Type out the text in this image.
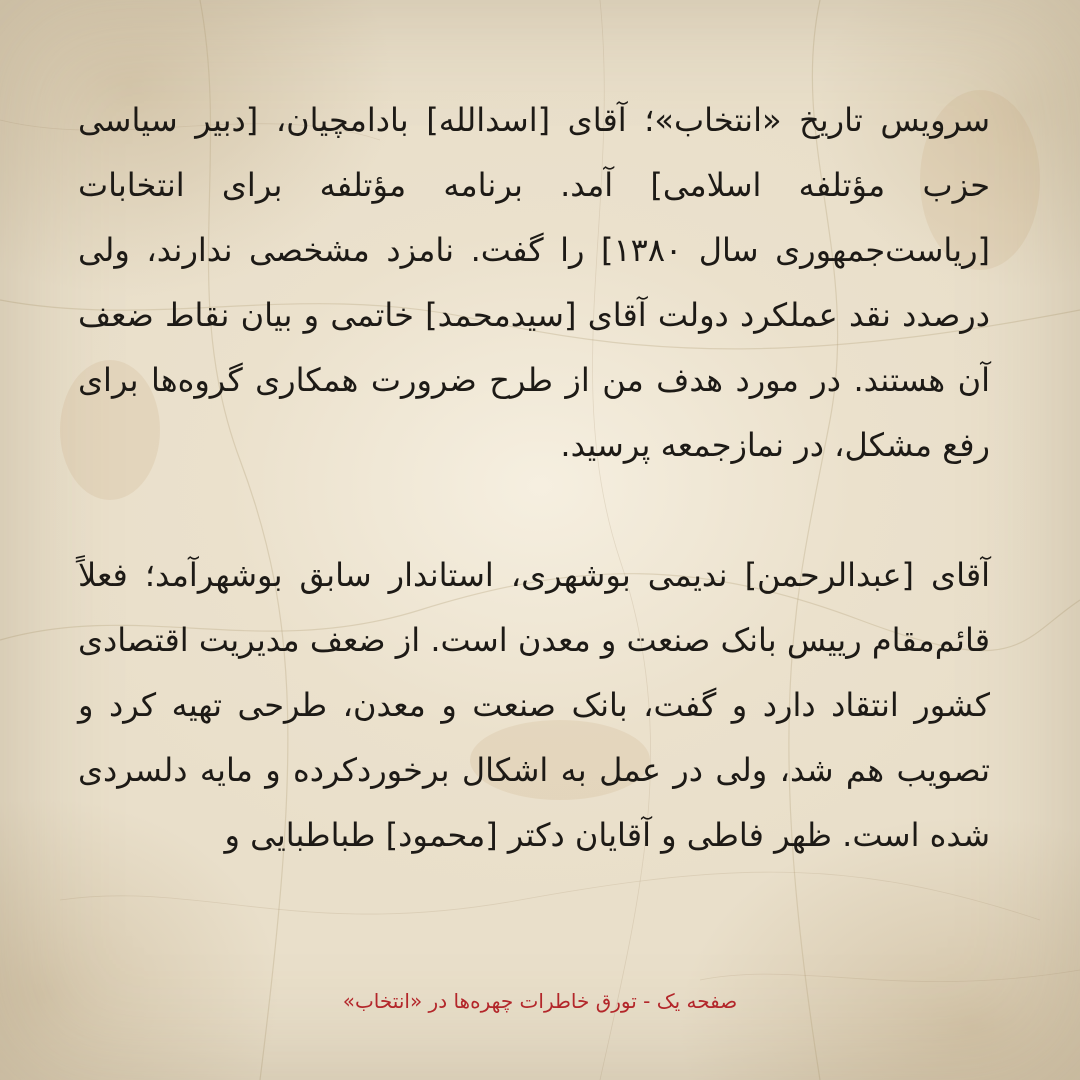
سرویس تاریخ «انتخاب»؛ آقای [اسدالله] بادامچیان، [دبیر سیاسی حزب مؤتلفه اسلامی] آمد. برنامه مؤتلفه برای انتخابات [ریاست‌جمهوری سال ۱۳۸۰] را گفت. نامزد مشخصی ندارند، ولی درصدد نقد عملکرد دولت آقای [سیدمحمد] خاتمی و بیان نقاط ضعف آن هستند. در مورد هدف من از طرح ضرورت همکاری گروه‌ها برای رفع مشکل، در نمازجمعه پرسید.

آقای [عبدالرحمن] ندیمی بوشهری، استاندار سابق بوشهرآمد؛ فعلاً قائم‌مقام رییس بانک صنعت و معدن است. از ضعف مدیریت اقتصادی کشور انتقاد دارد و گفت، بانک صنعت و معدن، طرحی تهیه کرد و تصویب هم شد، ولی در عمل به اشکال برخوردکرده و مایه دلسردی شده است. ظهر فاطی و آقایان دکتر [محمود] طباطبایی و

صفحه یک - تورق خاطرات چهره‌ها در «انتخاب»
